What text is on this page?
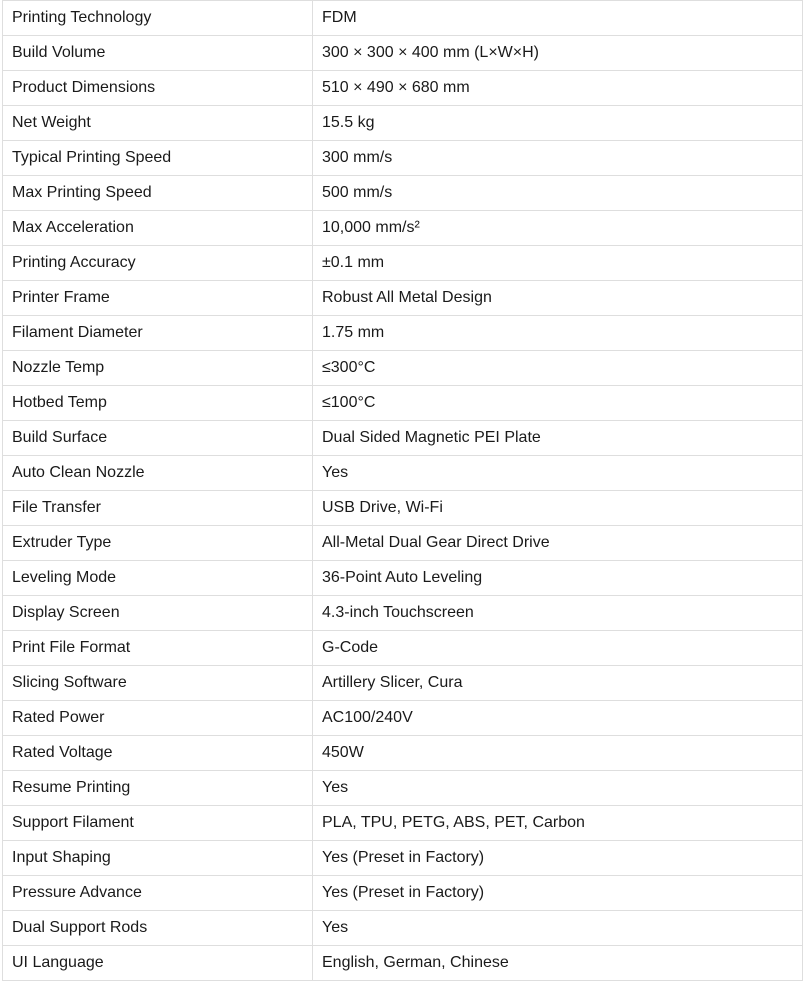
Printing Technology	FDM
Build Volume	300 × 300 × 400 mm (L×W×H)
Product Dimensions	510 × 490 × 680 mm
Net Weight	15.5 kg
Typical Printing Speed	300 mm/s
Max Printing Speed	500 mm/s
Max Acceleration	10,000 mm/s²
Printing Accuracy	±0.1 mm
Printer Frame	Robust All Metal Design
Filament Diameter	1.75 mm
Nozzle Temp	≤300°C
Hotbed Temp	≤100°C
Build Surface	Dual Sided Magnetic PEI Plate
Auto Clean Nozzle	Yes
File Transfer	USB Drive, Wi-Fi
Extruder Type	All-Metal Dual Gear Direct Drive
Leveling Mode	36-Point Auto Leveling
Display Screen	4.3-inch Touchscreen
Print File Format	G-Code
Slicing Software	Artillery Slicer, Cura
Rated Power	AC100/240V
Rated Voltage	450W
Resume Printing	Yes
Support Filament	PLA, TPU, PETG, ABS, PET, Carbon
Input Shaping	Yes (Preset in Factory)
Pressure Advance	Yes (Preset in Factory)
Dual Support Rods	Yes
UI Language	English, German, Chinese
